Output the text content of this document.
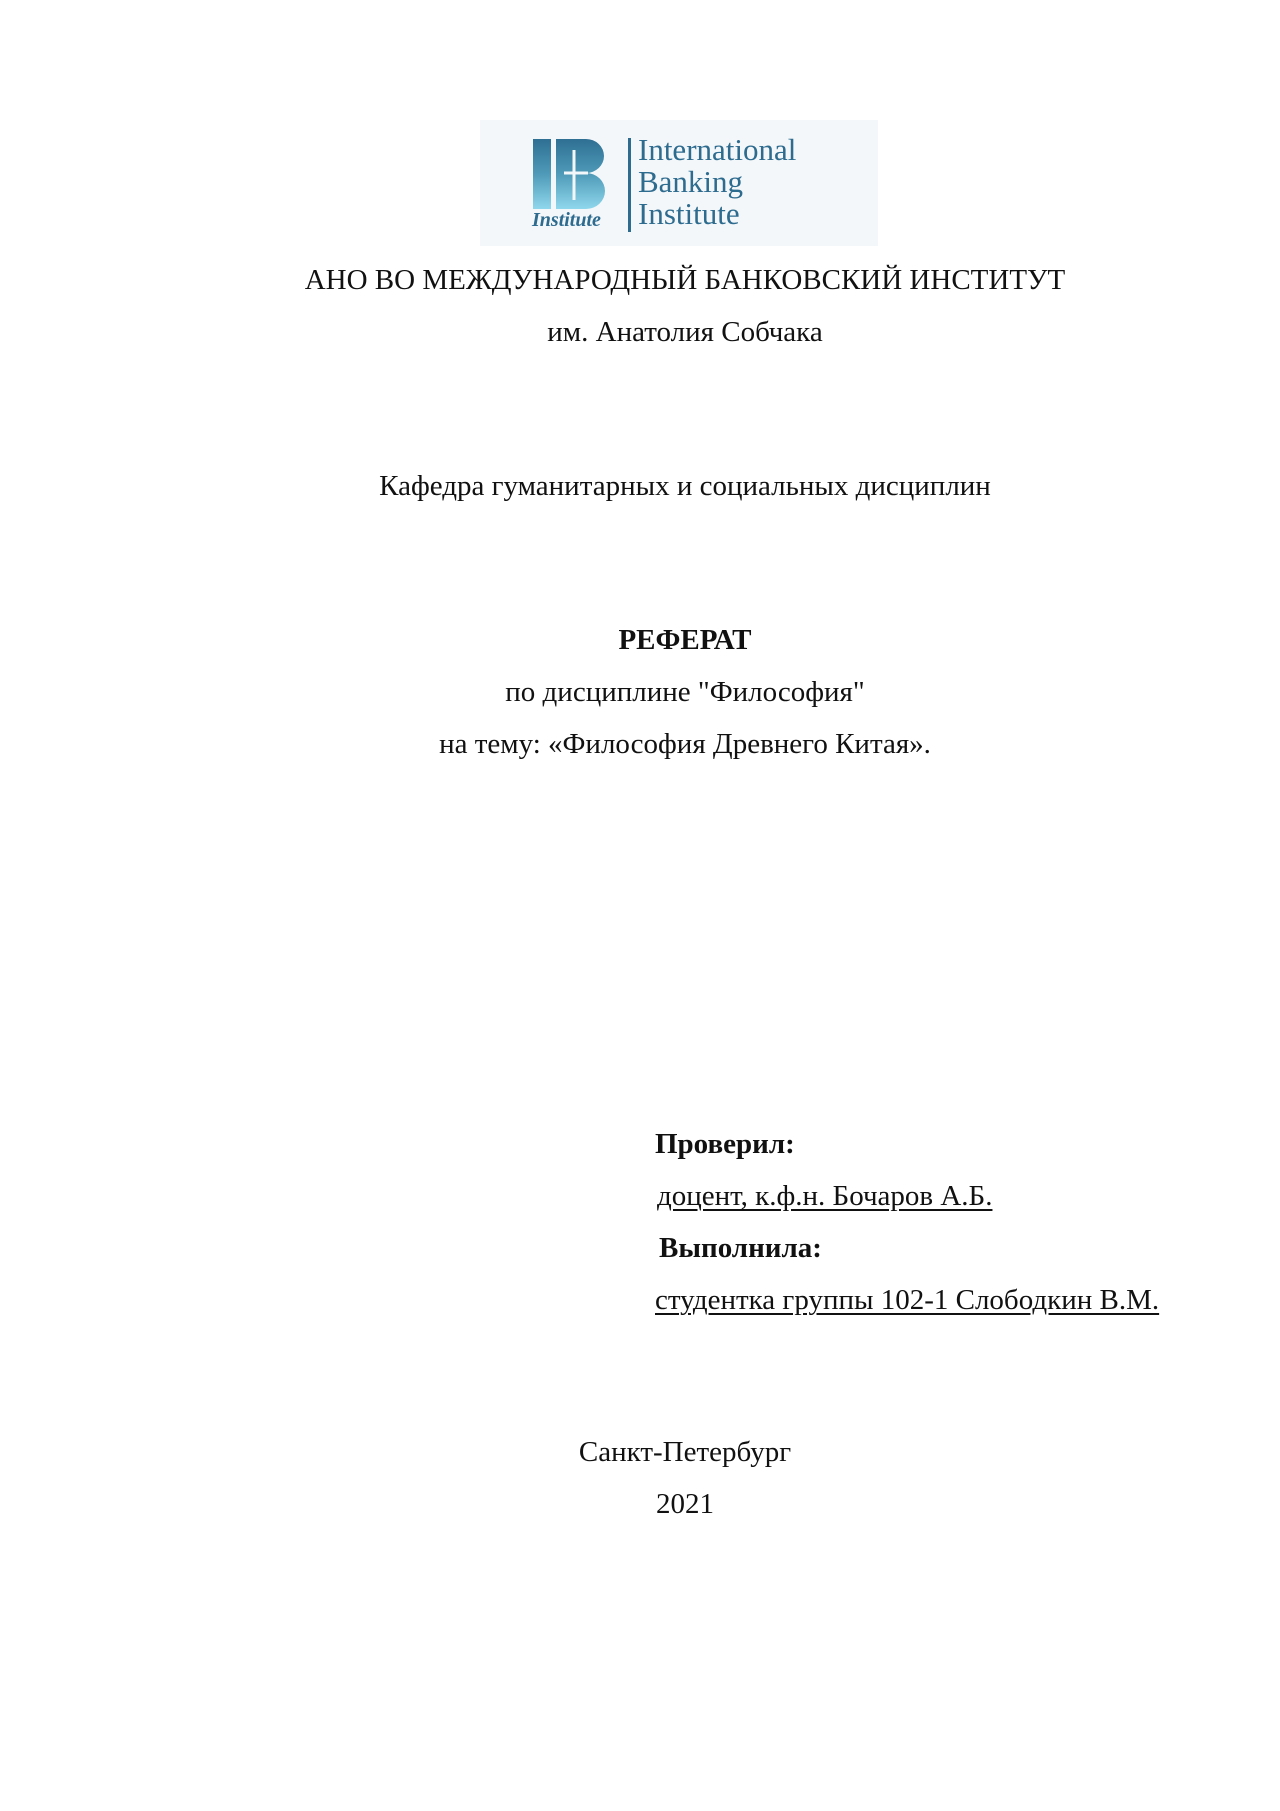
Institute
International
Banking
Institute
АНО ВО МЕЖДУНАРОДНЫЙ БАНКОВСКИЙ ИНСТИТУТ
им. Анатолия Собчака
Кафедра гуманитарных и социальных дисциплин
РЕФЕРАТ
по дисциплине "Философия"
на тему: «Философия Древнего Китая».
Проверил:
доцент, к.ф.н. Бочаров А.Б.
Выполнила:
студентка группы 102-1 Слободкин В.М.
Санкт-Петербург
2021
